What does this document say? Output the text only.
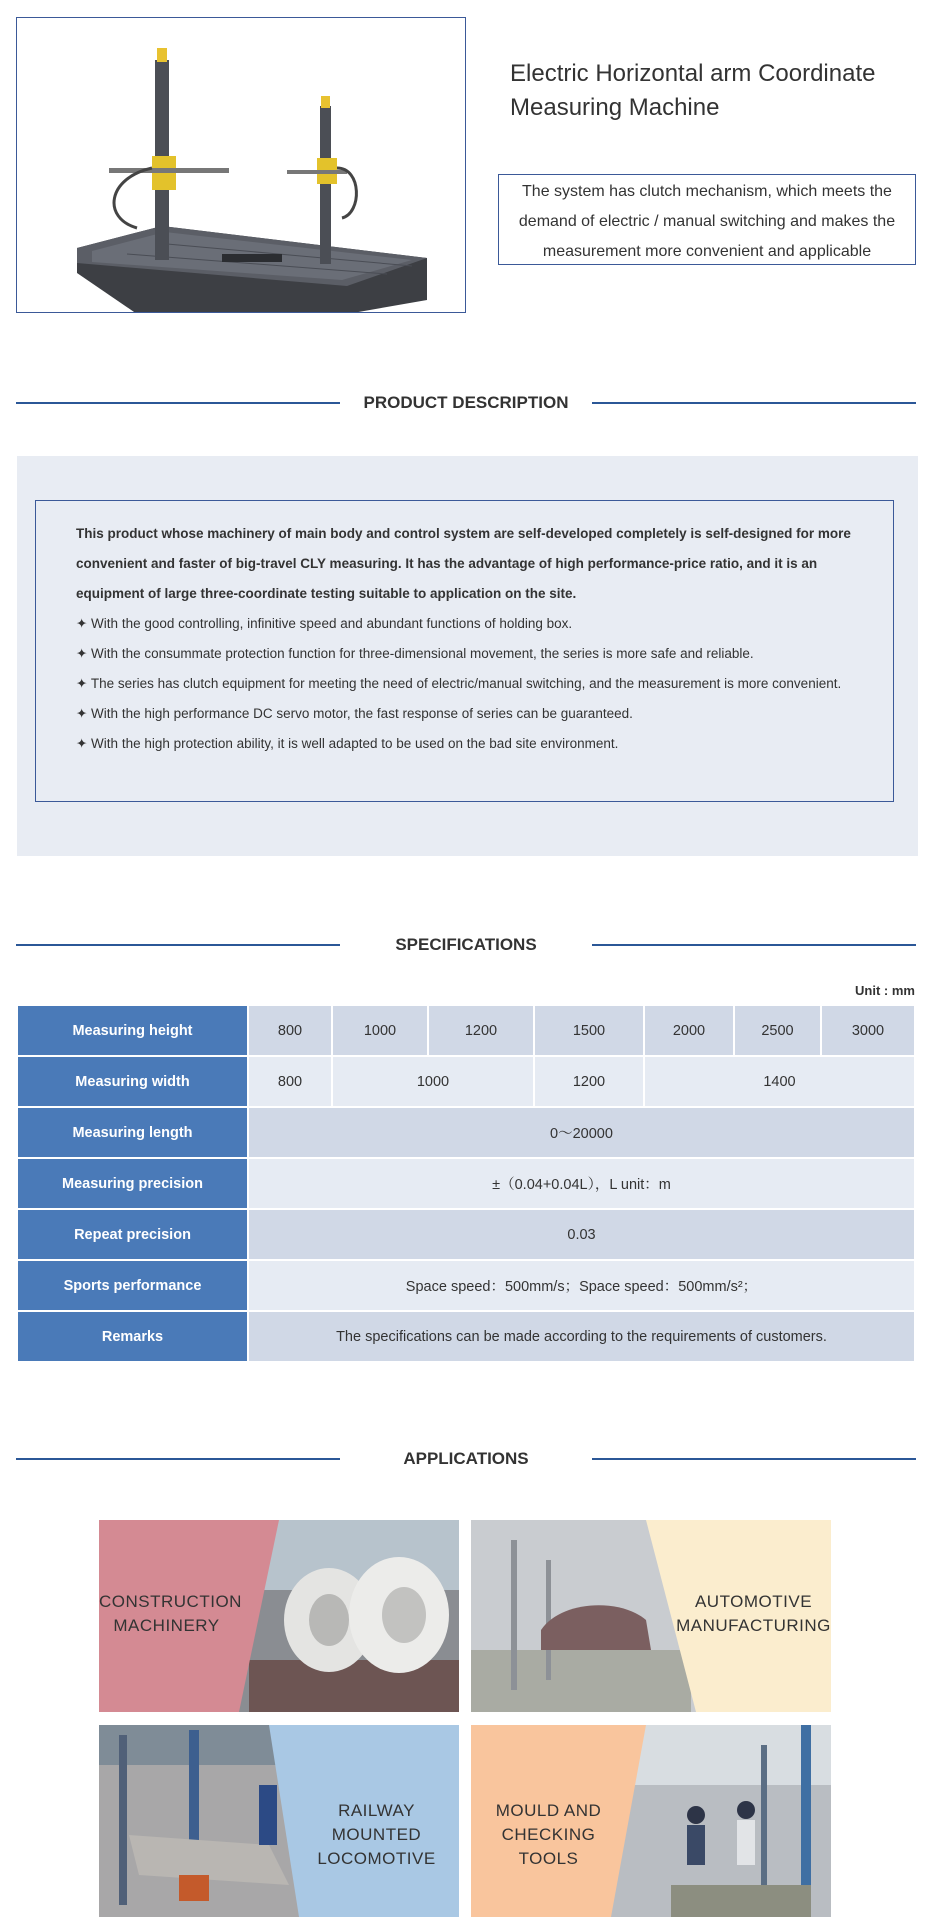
Electric Horizontal arm Coordinate Measuring Machine
The system has clutch mechanism, which meets the demand of electric / manual switching and makes the measurement more convenient and applicable
PRODUCT DESCRIPTION

This product whose machinery of main body and control system are self-developed completely is self-designed for more convenient and faster of big-travel CLY measuring. It has the advantage of high performance-price ratio, and it is an equipment of large three-coordinate testing suitable to application on the site.

✦ With the good controlling, infinitive speed and abundant functions of holding box.

✦ With the consummate protection function for three-dimensional movement, the series is more safe and reliable.

✦ The series has clutch equipment for meeting the need of electric/manual switching, and the measurement is more convenient.

✦ With the high performance DC servo motor, the fast response of series can be guaranteed.

✦ With the high protection ability, it is well adapted to be used on the bad site environment.

SPECIFICATIONS
Unit : mm
Measuring height	800	1000	1200	1500	2000	2500	3000
Measuring width	800	1000		1200	1400		
Measuring length	0～20000						
Measuring precision	±（0.04+0.04L），L unit：m						
Repeat precision	0.03						
Sports performance	Space speed：500mm/s；Space speed：500mm/s²；						
Remarks	The specifications can be made according to the requirements of customers.						
APPLICATIONS
CONSTRUCTION
MACHINERY
AUTOMOTIVE
MANUFACTURING
RAILWAY MOUNTED
LOCOMOTIVE
MOULD AND
CHECKING TOOLS
